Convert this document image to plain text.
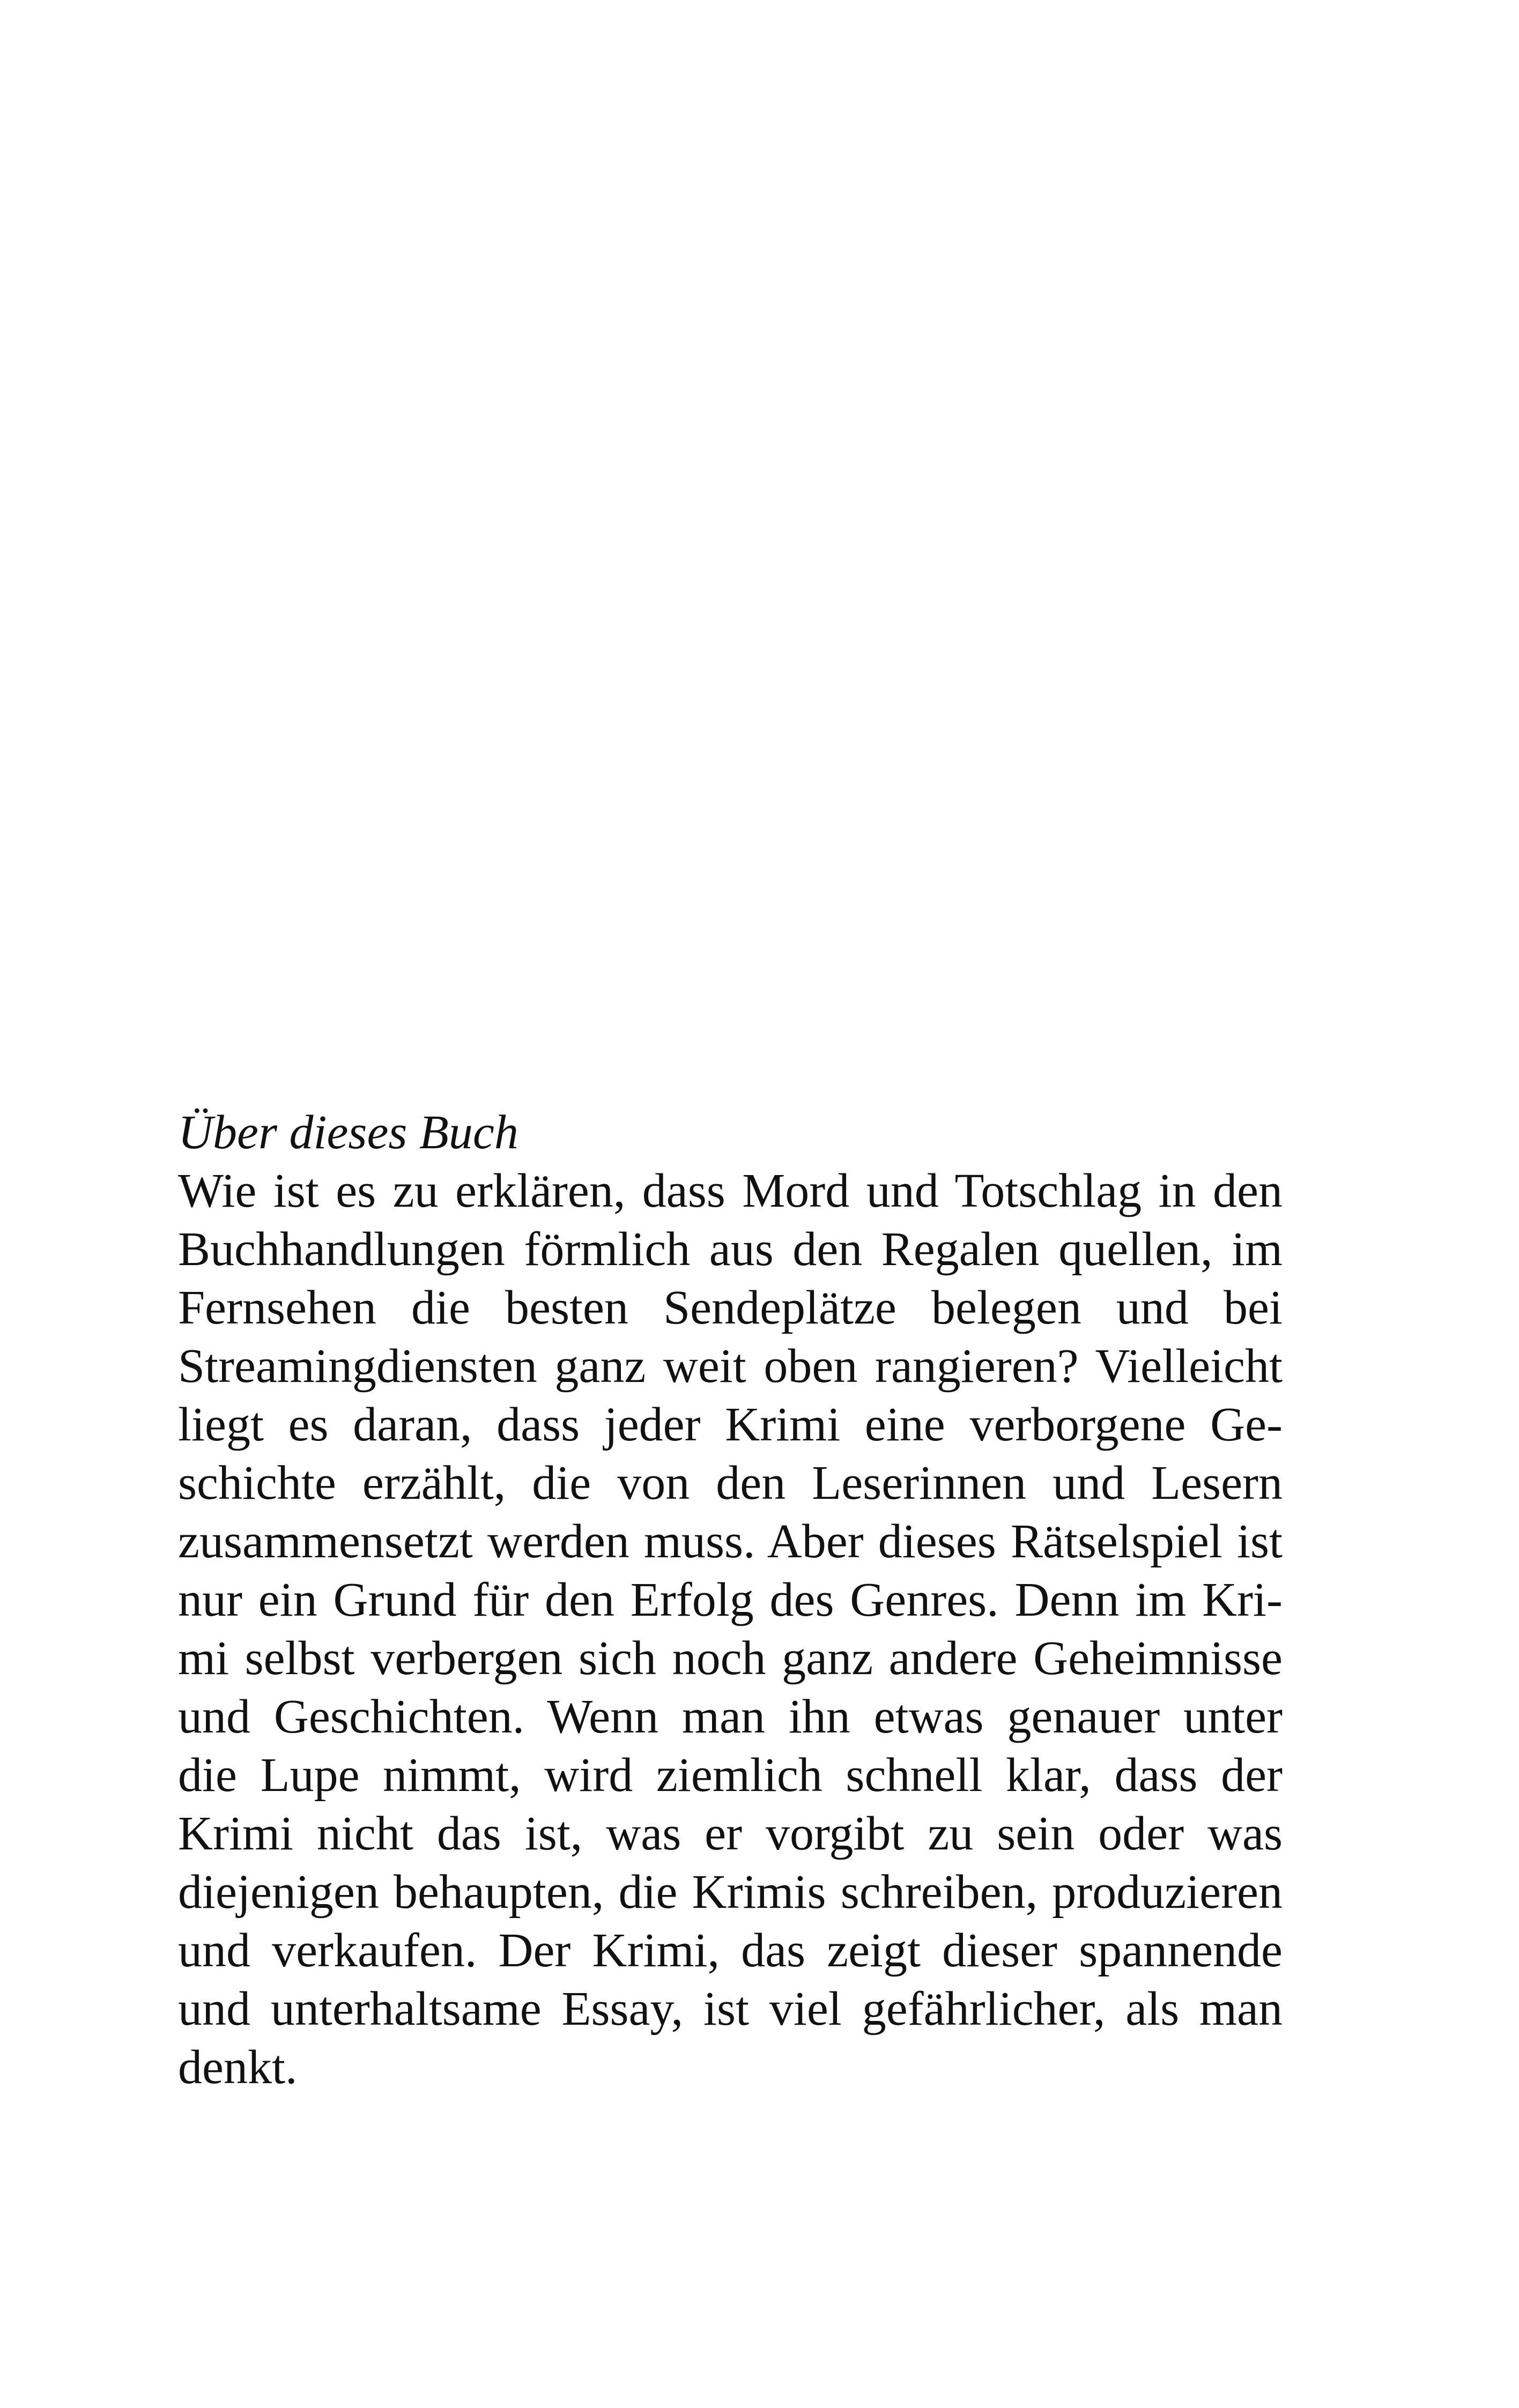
Über dieses Buch
Wie ist es zu erklären, dass Mord und Totschlag in den
Buchhandlungen förmlich aus den Regalen quellen, im
Fernsehen die besten Sendeplätze belegen und bei
Streamingdiensten ganz weit oben rangieren? Vielleicht
liegt es daran, dass jeder Krimi eine verborgene Ge-
schichte erzählt, die von den Leserinnen und Lesern
zusammensetzt werden muss. Aber dieses Rätselspiel ist
nur ein Grund für den Erfolg des Genres. Denn im Kri-
mi selbst verbergen sich noch ganz andere Geheimnisse
und Geschichten. Wenn man ihn etwas genauer unter
die Lupe nimmt, wird ziemlich schnell klar, dass der
Krimi nicht das ist, was er vorgibt zu sein oder was
diejenigen behaupten, die Krimis schreiben, produzieren
und verkaufen. Der Krimi, das zeigt dieser spannende
und unterhaltsame Essay, ist viel gefährlicher, als man
denkt.
